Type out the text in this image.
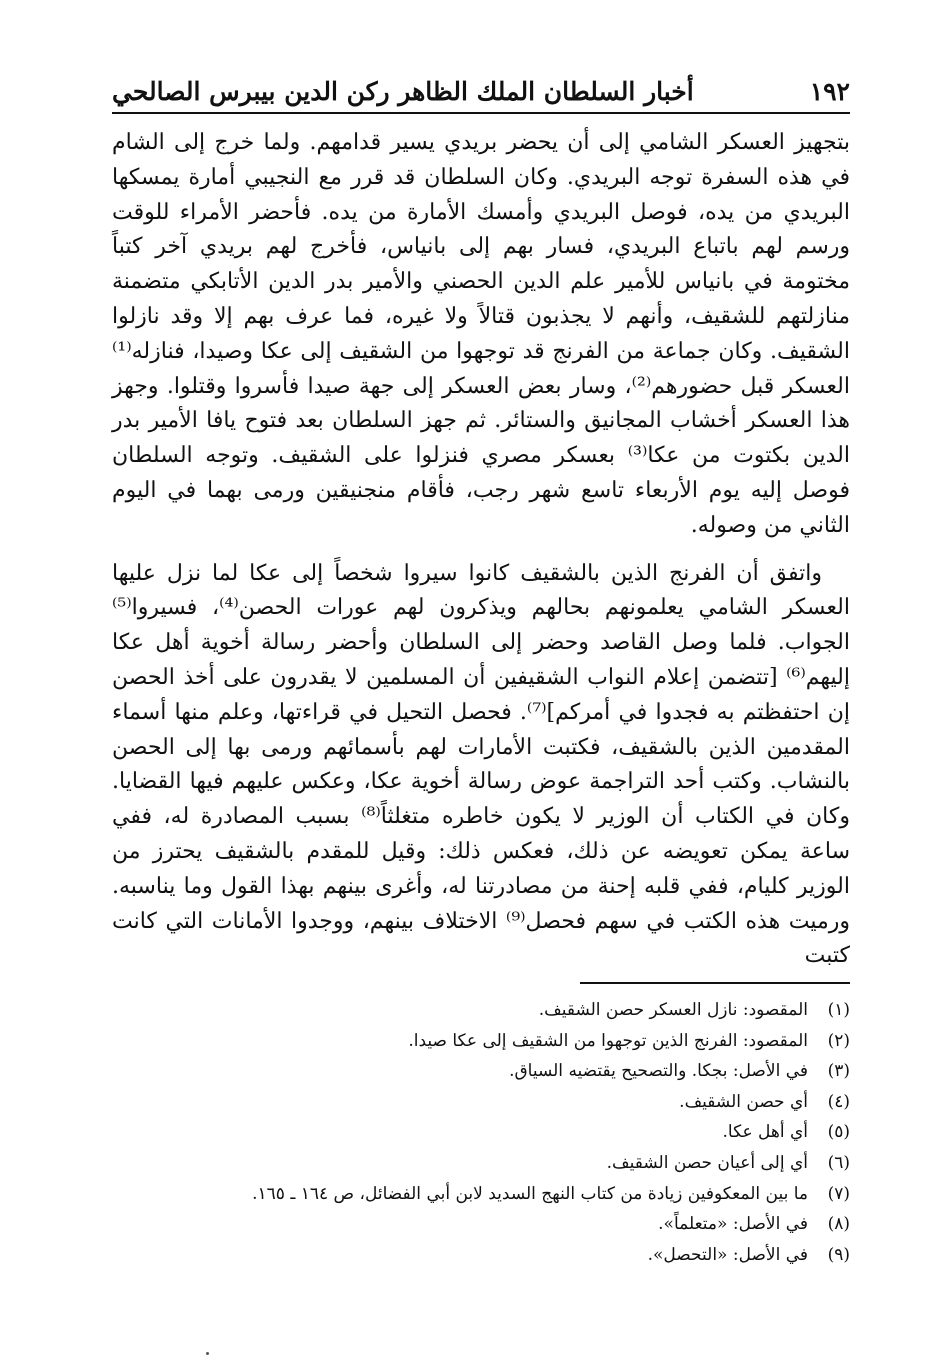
١٩٢
أخبار السلطان الملك الظاهر ركن الدين بيبرس الصالحي

بتجهيز العسكر الشامي إلى أن يحضر بريدي يسير قدامهم. ولما خرج إلى الشام في هذه السفرة توجه البريدي. وكان السلطان قد قرر مع النجيبي أمارة يمسكها البريدي من يده، فوصل البريدي وأمسك الأمارة من يده. فأحضر الأمراء للوقت ورسم لهم باتباع البريدي، فسار بهم إلى بانياس، فأخرج لهم بريدي آخر كتباً مختومة في بانياس للأمير علم الدين الحصني والأمير بدر الدين الأتابكي متضمنة منازلتهم للشقيف، وأنهم لا يجذبون قتالاً ولا غيره، فما عرف بهم إلا وقد نازلوا الشقيف. وكان جماعة من الفرنج قد توجهوا من الشقيف إلى عكا وصيدا، فنازله⁽¹⁾ العسكر قبل حضورهم⁽²⁾، وسار بعض العسكر إلى جهة صيدا فأسروا وقتلوا. وجهز هذا العسكر أخشاب المجانيق والستائر. ثم جهز السلطان بعد فتوح يافا الأمير بدر الدين بكتوت من عكا⁽³⁾ بعسكر مصري فنزلوا على الشقيف. وتوجه السلطان فوصل إليه يوم الأربعاء تاسع شهر رجب، فأقام منجنيقين ورمى بهما في اليوم الثاني من وصوله.

واتفق أن الفرنج الذين بالشقيف كانوا سيروا شخصاً إلى عكا لما نزل عليها العسكر الشامي يعلمونهم بحالهم ويذكرون لهم عورات الحصن⁽⁴⁾، فسيروا⁽⁵⁾ الجواب. فلما وصل القاصد وحضر إلى السلطان وأحضر رسالة أخوية أهل عكا إليهم⁽⁶⁾ [تتضمن إعلام النواب الشقيفين أن المسلمين لا يقدرون على أخذ الحصن إن احتفظتم به فجدوا في أمركم]⁽⁷⁾. فحصل التحيل في قراءتها، وعلم منها أسماء المقدمين الذين بالشقيف، فكتبت الأمارات لهم بأسمائهم ورمى بها إلى الحصن بالنشاب. وكتب أحد التراجمة عوض رسالة أخوية عكا، وعكس عليهم فيها القضايا. وكان في الكتاب أن الوزير لا يكون خاطره متغلثاً⁽⁸⁾ بسبب المصادرة له، ففي ساعة يمكن تعويضه عن ذلك، فعكس ذلك: وقيل للمقدم بالشقيف يحترز من الوزير كليام، ففي قلبه إحنة من مصادرتنا له، وأغرى بينهم بهذا القول وما يناسبه. ورميت هذه الكتب في سهم فحصل⁽⁹⁾ الاختلاف بينهم، ووجدوا الأمانات التي كانت كتبت

(١)
المقصود: نازل العسكر حصن الشقيف.
(٢)
المقصود: الفرنج الذين توجهوا من الشقيف إلى عكا صيدا.
(٣)
في الأصل: بجكا. والتصحيح يقتضيه السياق.
(٤)
أي حصن الشقيف.
(٥)
أي أهل عكا.
(٦)
أي إلى أعيان حصن الشقيف.
(٧)
ما بين المعكوفين زيادة من كتاب النهج السديد لابن أبي الفضائل، ص ١٦٤ ـ ١٦٥.
(٨)
في الأصل: «متعلماً».
(٩)
في الأصل: «التحصل».
